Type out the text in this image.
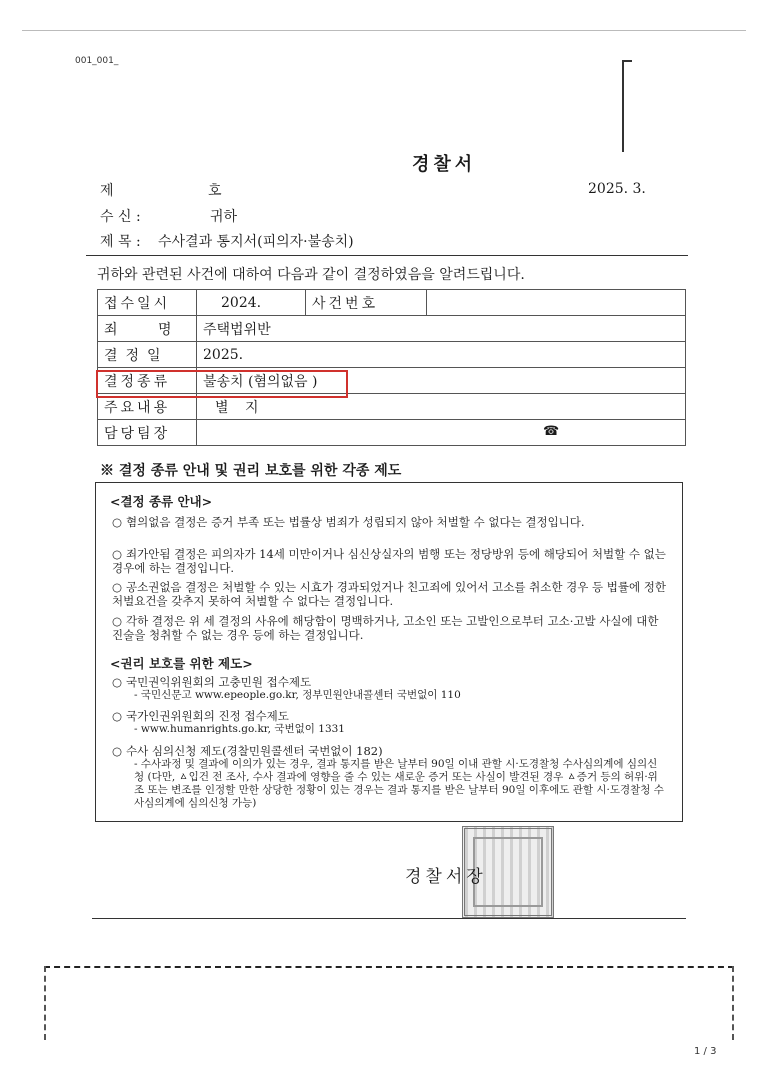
001_001_
경찰서
제	호	2025. 3.
수 신 :	귀하
제 목 : 수사결과 통지서(피의자·불송치)
귀하와 관련된 사건에 대하여 다음과 같이 결정하였음을 알려드립니다.
접수일시	2024.	사건번호	
죄 명	주택법위반		
결정일	2025.		
결정종류	불송치 (혐의없음 )		
주요내용	별 지		
담당팀장	☎		
※ 결정 종류 안내 및 권리 보호를 위한 각종 제도
<결정 종류 안내>
○ 혐의없음 결정은 증거 부족 또는 법률상 범죄가 성립되지 않아 처벌할 수 없다는 결정입니다.
○ 죄가안됨 결정은 피의자가 14세 미만이거나 심신상실자의 범행 또는 정당방위 등에 해당되어 처벌할 수 없는 경우에 하는 결정입니다.
○ 공소권없음 결정은 처벌할 수 있는 시효가 경과되었거나 친고죄에 있어서 고소를 취소한 경우 등 법률에 정한 처벌요건을 갖추지 못하여 처벌할 수 없다는 결정입니다.
○ 각하 결정은 위 세 결정의 사유에 해당함이 명백하거나, 고소인 또는 고발인으로부터 고소·고발 사실에 대한 진술을 청취할 수 없는 경우 등에 하는 결정입니다.
<권리 보호를 위한 제도>
○ 국민권익위원회의 고충민원 접수제도
- 국민신문고 www.epeople.go.kr, 정부민원안내콜센터 국번없이 110
○ 국가인권위원회의 진정 접수제도
- www.humanrights.go.kr, 국번없이 1331
○ 수사 심의신청 제도(경찰민원콜센터 국번없이 182)
- 수사과정 및 결과에 이의가 있는 경우, 결과 통지를 받은 날부터 90일 이내 관할 시·도경찰청 수사심의계에 심의신청 (다만, ㅿ입건 전 조사, 수사 결과에 영향을 줄 수 있는 새로운 증거 또는 사실이 발견된 경우 ㅿ증거 등의 허위·위조 또는 변조를 인정할 만한 상당한 정황이 있는 경우는 결과 통지를 받은 날부터 90일 이후에도 관할 시·도경찰청 수사심의계에 심의신청 가능)
경찰서장
1 / 3
